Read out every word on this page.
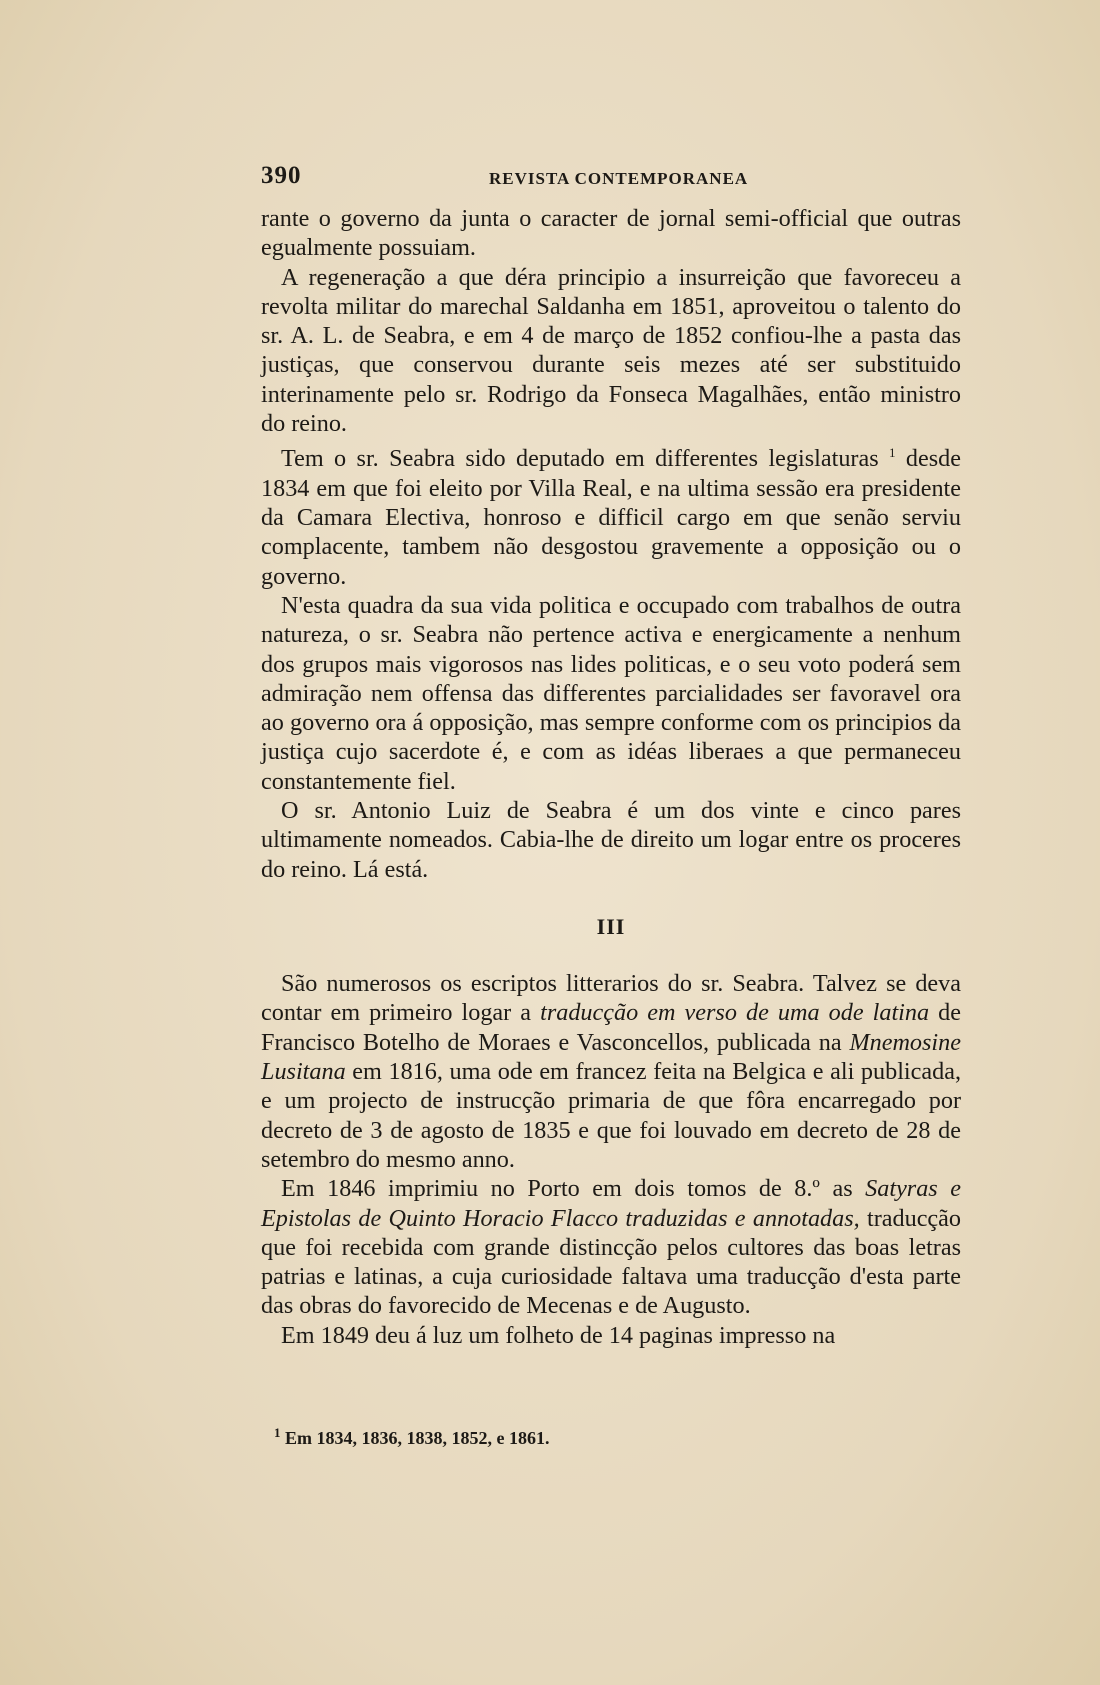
390	REVISTA CONTEMPORANEA

rante o governo da junta o caracter de jornal semi-official que outras egualmente possuiam.

A regeneração a que déra principio a insurreição que favoreceu a revolta militar do marechal Saldanha em 1851, aproveitou o talento do sr. A. L. de Seabra, e em 4 de março de 1852 confiou-lhe a pasta das justiças, que conservou durante seis mezes até ser substituido interinamente pelo sr. Rodrigo da Fonseca Magalhães, então ministro do reino.

Tem o sr. Seabra sido deputado em differentes legislaturas $^1$ desde 1834 em que foi eleito por Villa Real, e na ultima sessão era presidente da Camara Electiva, honroso e difficil cargo em que senão serviu complacente, tambem não desgostou gravemente a opposição ou o governo.

N'esta quadra da sua vida politica e occupado com trabalhos de outra natureza, o sr. Seabra não pertence activa e energicamente a nenhum dos grupos mais vigorosos nas lides politicas, e o seu voto poderá sem admiração nem offensa das differentes parcialidades ser favoravel ora ao governo ora á opposição, mas sempre conforme com os principios da justiça cujo sacerdote é, e com as idéas liberaes a que permaneceu constantemente fiel.

O sr. Antonio Luiz de Seabra é um dos vinte e cinco pares ultimamente nomeados. Cabia-lhe de direito um logar entre os proceres do reino. Lá está.

III

São numerosos os escriptos litterarios do sr. Seabra. Talvez se deva contar em primeiro logar a traducção em verso de uma ode latina de Francisco Botelho de Moraes e Vasconcellos, publicada na Mnemosine Lusitana em 1816, uma ode em francez feita na Belgica e ali publicada, e um projecto de instrucção primaria de que fôra encarregado por decreto de 3 de agosto de 1835 e que foi louvado em decreto de 28 de setembro do mesmo anno.

Em 1846 imprimiu no Porto em dois tomos de 8.º as Satyras e Epistolas de Quinto Horacio Flacco traduzidas e annotadas, traducção que foi recebida com grande distincção pelos cultores das boas letras patrias e latinas, a cuja curiosidade faltava uma traducção d'esta parte das obras do favorecido de Mecenas e de Augusto.

Em 1849 deu á luz um folheto de 14 paginas impresso na

$^1$ Em 1834, 1836, 1838, 1852, e 1861.
